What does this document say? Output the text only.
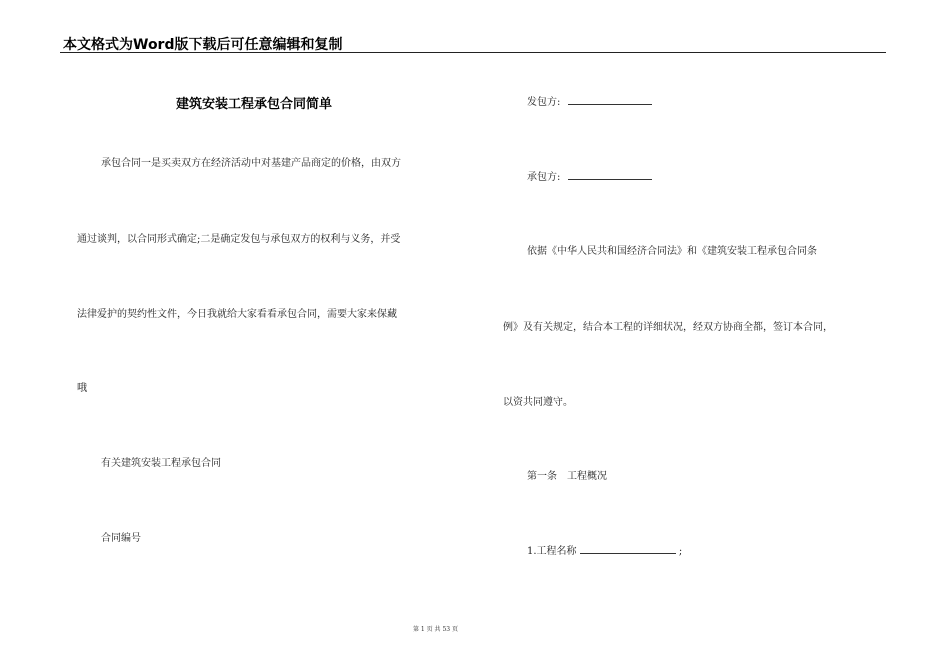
本文格式为Word版下载后可任意编辑和复制
建筑安装工程承包合同简单
承包合同一是买卖双方在经济活动中对基建产品商定的价格，由双方
通过谈判，以合同形式确定;二是确定发包与承包双方的权利与义务，并受
法律爱护的契约性文件，今日我就给大家看看承包合同，需要大家来保藏
哦
有关建筑安装工程承包合同
合同编号
发包方:
承包方:
依据《中华人民共和国经济合同法》和《建筑安装工程承包合同条
例》及有关规定，结合本工程的详细状况，经双方协商全都，签订本合同，
以资共同遵守。
第一条　工程概况
1.工程名称	;
第 1 页 共 53 页
